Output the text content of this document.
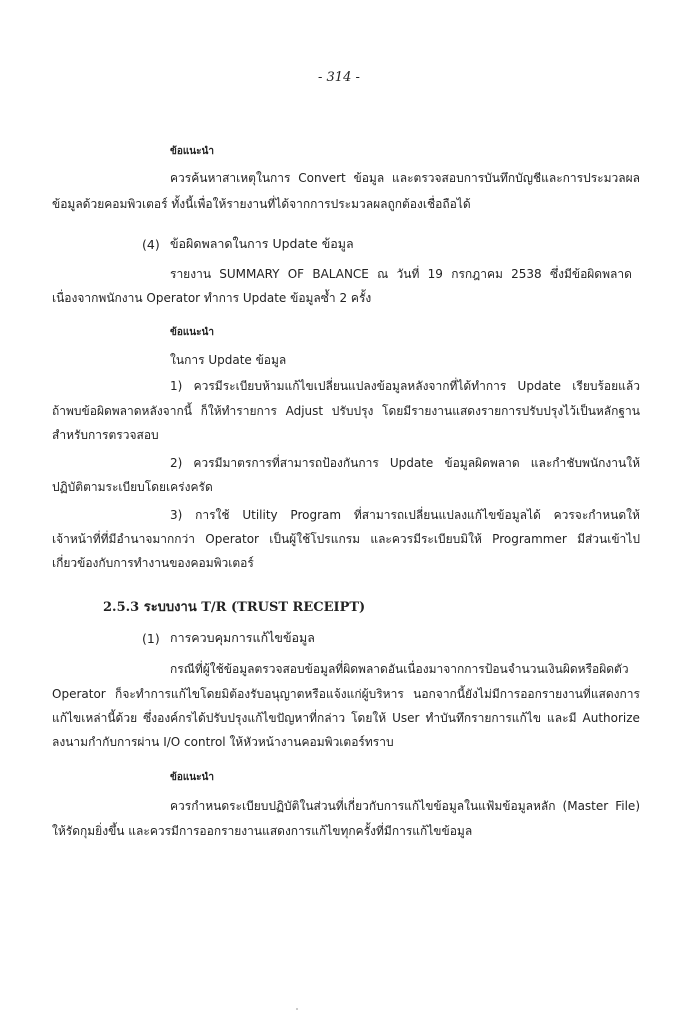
- 314 -
ข้อแนะนำ
ควรค้นหาสาเหตุในการ Convert ข้อมูล และตรวจสอบการบันทึกบัญชีและการประมวลผล
ข้อมูลด้วยคอมพิวเตอร์ ทั้งนี้เพื่อให้รายงานที่ได้จากการประมวลผลถูกต้องเชื่อถือได้
(4) ข้อผิดพลาดในการ Update ข้อมูล
รายงาน SUMMARY OF BALANCE ณ วันที่ 19 กรกฎาคม 2538 ซึ่งมีข้อผิดพลาด
เนื่องจากพนักงาน Operator ทำการ Update ข้อมูลซ้ำ 2 ครั้ง
ข้อแนะนำ
ในการ Update ข้อมูล
1) ควรมีระเบียบห้ามแก้ไขเปลี่ยนแปลงข้อมูลหลังจากที่ได้ทำการ Update เรียบร้อยแล้ว
ถ้าพบข้อผิดพลาดหลังจากนี้ ก็ให้ทำรายการ Adjust ปรับปรุง โดยมีรายงานแสดงรายการปรับปรุงไว้เป็นหลักฐาน
สำหรับการตรวจสอบ
2) ควรมีมาตรการที่สามารถป้องกันการ Update ข้อมูลผิดพลาด และกำชับพนักงานให้
ปฏิบัติตามระเบียบโดยเคร่งครัด
3) การใช้ Utility Program ที่สามารถเปลี่ยนแปลงแก้ไขข้อมูลได้ ควรจะกำหนดให้
เจ้าหน้าที่ที่มีอำนาจมากกว่า Operator เป็นผู้ใช้โปรแกรม และควรมีระเบียบมิให้ Programmer มีส่วนเข้าไป
เกี่ยวข้องกับการทำงานของคอมพิวเตอร์
2.5.3 ระบบงาน T/R (TRUST RECEIPT)
(1) การควบคุมการแก้ไขข้อมูล
กรณีที่ผู้ใช้ข้อมูลตรวจสอบข้อมูลที่ผิดพลาดอันเนื่องมาจากการป้อนจำนวนเงินผิดหรือผิดตัว
Operator ก็จะทำการแก้ไขโดยมิต้องรับอนุญาตหรือแจ้งแก่ผู้บริหาร นอกจากนี้ยังไม่มีการออกรายงานที่แสดงการ
แก้ไขเหล่านี้ด้วย ซึ่งองค์กรได้ปรับปรุงแก้ไขปัญหาที่กล่าว โดยให้ User ทำบันทึกรายการแก้ไข และมี Authorize
ลงนามกำกับการผ่าน I/O control ให้หัวหน้างานคอมพิวเตอร์ทราบ
ข้อแนะนำ
ควรกำหนดระเบียบปฏิบัติในส่วนที่เกี่ยวกับการแก้ไขข้อมูลในแฟ้มข้อมูลหลัก (Master File)
ให้รัดกุมยิ่งขึ้น และควรมีการออกรายงานแสดงการแก้ไขทุกครั้งที่มีการแก้ไขข้อมูล
